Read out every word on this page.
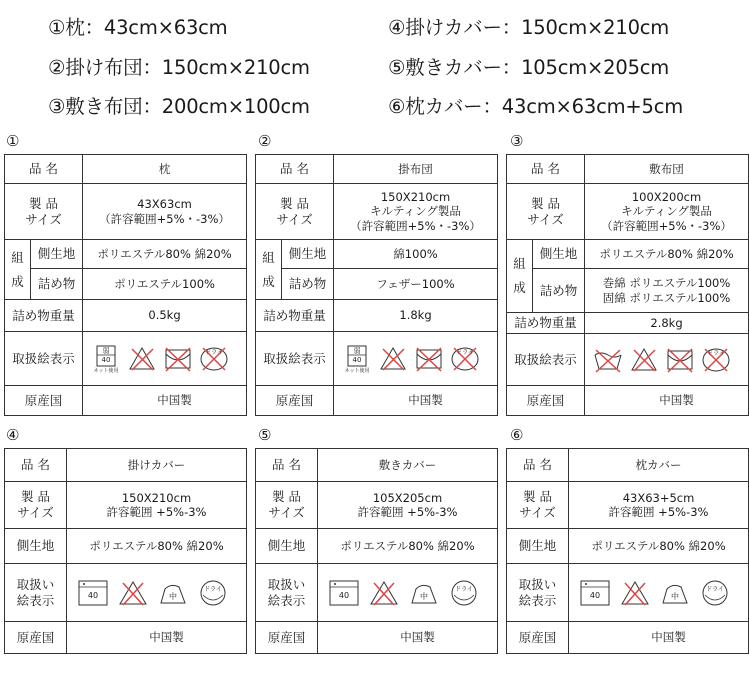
①枕：43cm×63cm
②掛け布団：150cm×210cm
③敷き布団：200cm×100cm
④掛けカバー：150cm×210cm
⑤敷きカバー：105cm×205cm
⑥枕カバー：43cm×63cm+5cm
①
品 名		枕

製 品
サイズ		43X63cm
（許容範囲+5%・-3%）

組
成	側生地	ポリエステル80% 綿20%
	詰め物	ポリエステル100%
詰め物重量		0.5kg
取扱絵表示		弱
40
ネット使用
ドライ

原産国		中国製
②
品 名		掛布団

製 品
サイズ		150X210cm
キルティング製品
（許容範囲+5%・-3%）

組
成	側生地	綿100%
	詰め物	フェザー100%
詰め物重量		1.8kg
取扱絵表示		弱
40
ネット使用
ドライ

原産国		中国製
③
品 名		敷布団

製 品
サイズ		100X200cm
キルティング製品
（許容範囲+5%・-3%）

組
成	側生地	ポリエステル80% 綿20%
	詰め物	巻綿 ポリエステル100%
固綿 ポリエステル100%

詰め物重量		2.8kg
取扱絵表示		ドライ

原産国		中国製
④
品 名	掛けカバー

製 品
サイズ	150X210cm
許容範囲 +5%-3%

側生地	ポリエステル80% 綿20%

取扱い
絵表示	40 中
ドライ

原産国	中国製
⑤
品 名	敷きカバー

製 品
サイズ	105X205cm
許容範囲 +5%-3%

側生地	ポリエステル80% 綿20%

取扱い
絵表示	40 中
ドライ

原産国	中国製
⑥
品 名	枕カバー

製 品
サイズ	43X63+5cm
許容範囲 +5%-3%

側生地	ポリエステル80% 綿20%

取扱い
絵表示	40 中
ドライ

原産国	中国製
